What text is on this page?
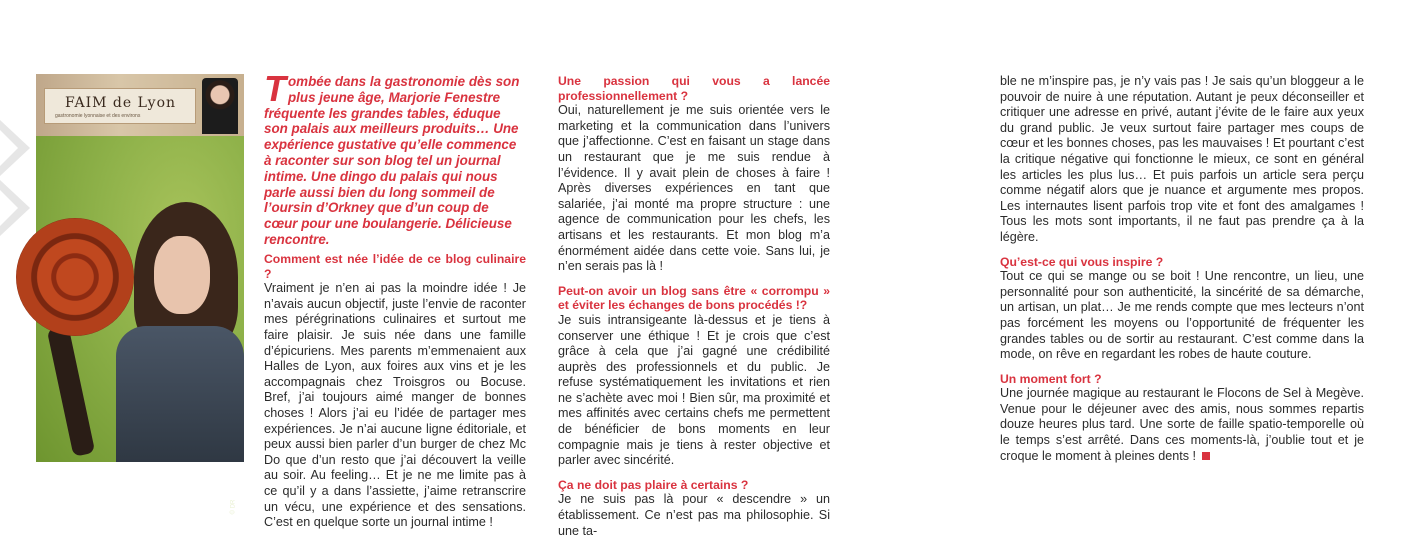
FAIM de Lyon
gastronomie lyonnaise et des environs
© DR
T ombée dans la gastronomie dès son plus jeune âge, Marjorie Fenestre fréquente les grandes tables, éduque son palais aux meilleurs produits… Une expérience gustative qu’elle commence à raconter sur son blog tel un journal intime. Une dingo du palais qui nous parle aussi bien du long sommeil de l’oursin d’Orkney que d’un coup de cœur pour une boulangerie. Délicieuse rencontre.

Comment est née l’idée de ce blog culinaire ?

Vraiment je n’en ai pas la moindre idée ! Je n’avais aucun objectif, juste l’envie de raconter mes pérégrinations culinaires et surtout me faire plaisir. Je suis née dans une famille d’épicuriens. Mes parents m’emmenaient aux Halles de Lyon, aux foires aux vins et je les accompagnais chez Troisgros ou Bocuse. Bref, j’ai toujours aimé manger de bonnes choses ! Alors j’ai eu l’idée de partager mes expériences. Je n’ai aucune ligne éditoriale, et peux aussi bien parler d’un burger de chez Mc Do que d’un resto que j’ai découvert la veille au soir. Au feeling… Et je ne me limite pas à ce qu’il y a dans l’assiette, j’aime retranscrire un vécu, une expérience et des sensations. C’est en quelque sorte un journal intime !

Une passion qui vous a lancée professionnellement ?

Oui, naturellement je me suis orientée vers le marketing et la communication dans l’univers que j’affectionne. C’est en faisant un stage dans un restaurant que je me suis rendue à l’évidence. Il y avait plein de choses à faire ! Après diverses expériences en tant que salariée, j’ai monté ma propre structure : une agence de communication pour les chefs, les artisans et les restaurants. Et mon blog m’a énormément aidée dans cette voie. Sans lui, je n’en serais pas là !

Peut-on avoir un blog sans être « corrompu » et éviter les échanges de bons procédés !?

Je suis intransigeante là-dessus et je tiens à conserver une éthique ! Et je crois que c’est grâce à cela que j’ai gagné une crédibilité auprès des professionnels et du public. Je refuse systématiquement les invitations et rien ne s’achète avec moi ! Bien sûr, ma proximité et mes affinités avec certains chefs me permettent de bénéficier de bons moments en leur compagnie mais je tiens à rester objective et parler avec sincérité.

Ça ne doit pas plaire à certains ?

Je ne suis pas là pour « descendre » un établissement. Ce n’est pas ma philosophie. Si une ta-

ble ne m’inspire pas, je n’y vais pas ! Je sais qu’un bloggeur a le pouvoir de nuire à une réputation. Autant je peux déconseiller et critiquer une adresse en privé, autant j’évite de le faire aux yeux du grand public. Je veux surtout faire partager mes coups de cœur et les bonnes choses, pas les mauvaises ! Et pourtant c’est la critique négative qui fonctionne le mieux, ce sont en général les articles les plus lus… Et puis parfois un article sera perçu comme négatif alors que je nuance et argumente mes propos. Les internautes lisent parfois trop vite et font des amalgames ! Tous les mots sont importants, il ne faut pas prendre ça à la légère.

Qu’est-ce qui vous inspire ?

Tout ce qui se mange ou se boit ! Une rencontre, un lieu, une personnalité pour son authenticité, la sincérité de sa démarche, un artisan, un plat… Je me rends compte que mes lecteurs n’ont pas forcément les moyens ou l’opportunité de fréquenter les grandes tables ou de sortir au restaurant. C’est comme dans la mode, on rêve en regardant les robes de haute couture.

Un moment fort ?

Une journée magique au restaurant le Flocons de Sel à Megève. Venue pour le déjeuner avec des amis, nous sommes repartis douze heures plus tard. Une sorte de faille spatio-temporelle où le temps s’est arrêté. Dans ces moments-là, j’oublie tout et je croque le moment à pleines dents !
